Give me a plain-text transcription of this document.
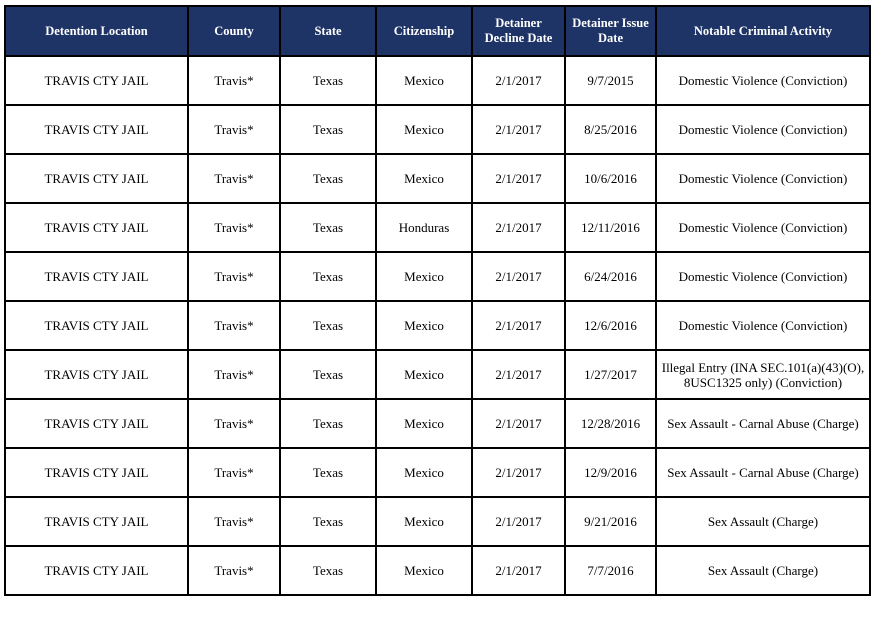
Detention Location	County	State	Citizenship	Detainer Decline Date	Detainer Issue Date	Notable Criminal Activity
TRAVIS CTY JAIL	Travis*	Texas	Mexico	2/1/2017	9/7/2015	Domestic Violence (Conviction)
TRAVIS CTY JAIL	Travis*	Texas	Mexico	2/1/2017	8/25/2016	Domestic Violence (Conviction)
TRAVIS CTY JAIL	Travis*	Texas	Mexico	2/1/2017	10/6/2016	Domestic Violence (Conviction)
TRAVIS CTY JAIL	Travis*	Texas	Honduras	2/1/2017	12/11/2016	Domestic Violence (Conviction)
TRAVIS CTY JAIL	Travis*	Texas	Mexico	2/1/2017	6/24/2016	Domestic Violence (Conviction)
TRAVIS CTY JAIL	Travis*	Texas	Mexico	2/1/2017	12/6/2016	Domestic Violence (Conviction)
TRAVIS CTY JAIL	Travis*	Texas	Mexico	2/1/2017	1/27/2017	Illegal Entry (INA SEC.101(a)(43)(O), 8USC1325 only) (Conviction)
TRAVIS CTY JAIL	Travis*	Texas	Mexico	2/1/2017	12/28/2016	Sex Assault - Carnal Abuse (Charge)
TRAVIS CTY JAIL	Travis*	Texas	Mexico	2/1/2017	12/9/2016	Sex Assault - Carnal Abuse (Charge)
TRAVIS CTY JAIL	Travis*	Texas	Mexico	2/1/2017	9/21/2016	Sex Assault (Charge)
TRAVIS CTY JAIL	Travis*	Texas	Mexico	2/1/2017	7/7/2016	Sex Assault (Charge)
